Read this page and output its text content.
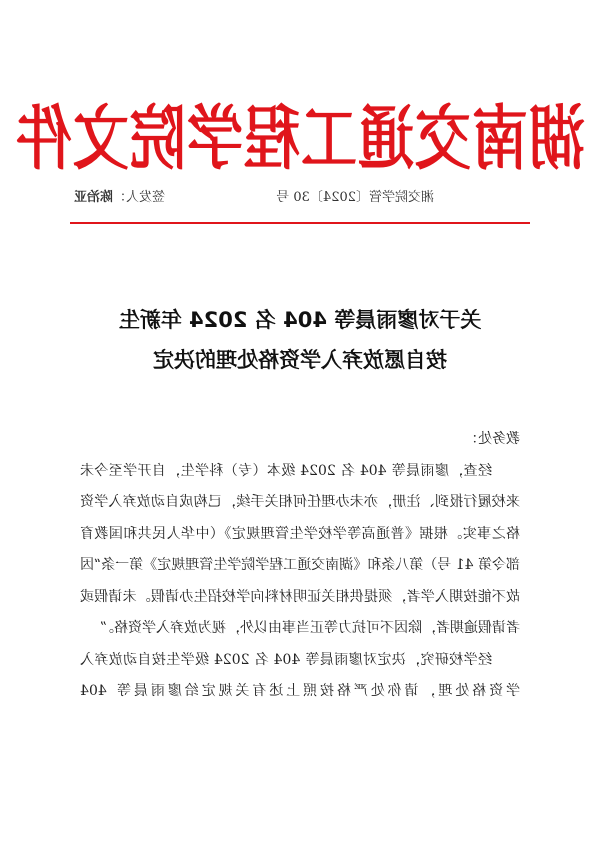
湖南交通工程学院文件
湘交院学管〔2024〕30 号
签发人：陈治亚
关于对廖雨晨等 404 名 2024 年新生
按自愿放弃入学资格处理的决定

教务处：

经查，廖雨晨等 404 名 2024 级本（专）科学生，自开学至今未来校履行报到、注册，亦未办理任何相关手续，已构成自动放弃入学资格之事实。根据《普通高等学校学生管理规定》（中华人民共和国教育部令第 41 号）第八条和《湖南交通工程学院学生管理规定》第一条“因故不能按期入学者，须提供相关证明材料向学校招生办请假。未请假或者请假逾期者，除因不可抗力等正当事由以外，视为放弃入学资格。”

经学校研究，决定对廖雨晨等 404 名 2024 级学生按自动放弃入学资格处理，请你处严格按照上述有关规定给廖雨晨等 404
